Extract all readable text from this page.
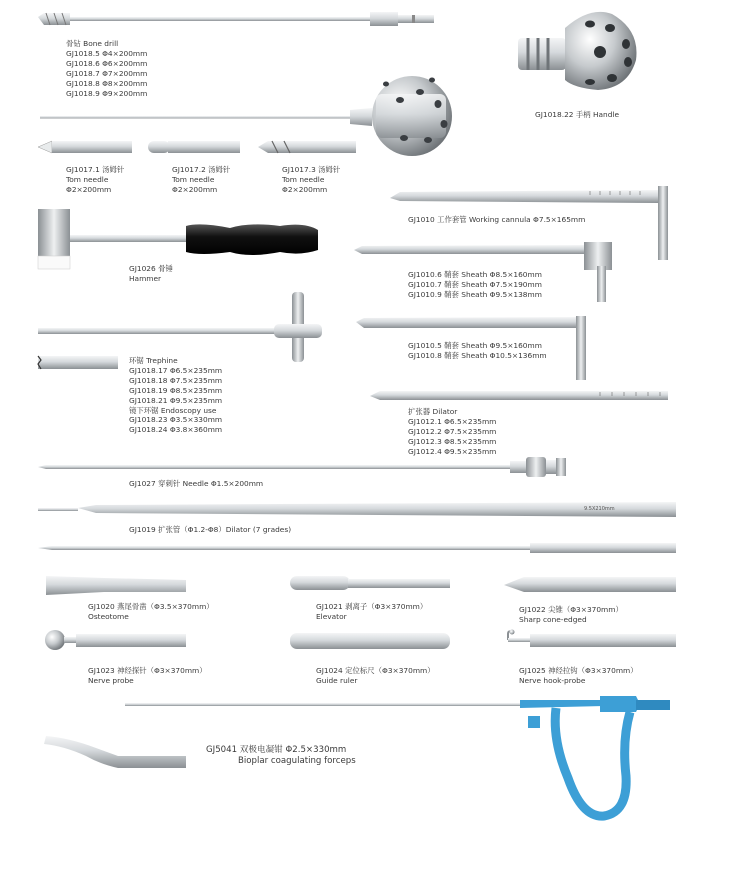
9.5X210mm
骨钻 Bone drill
GJ1018.5 Φ4×200mm
GJ1018.6 Φ6×200mm
GJ1018.7 Φ7×200mm
GJ1018.8 Φ8×200mm
GJ1018.9 Φ9×200mm
GJ1018.22 手柄 Handle
GJ1017.1 汤姆针
Tom needle
Φ2×200mm
GJ1017.2 汤姆针
Tom needle
Φ2×200mm
GJ1017.3 汤姆针
Tom needle
Φ2×200mm
GJ1010 工作套管 Working cannula Φ7.5×165mm
GJ1026 骨锤
Hammer	GJ1010.6 鞘套 Sheath Φ8.5×160mm
GJ1010.7 鞘套 Sheath Φ7.5×190mm
GJ1010.9 鞘套 Sheath Φ9.5×138mm
GJ1010.5 鞘套 Sheath Φ9.5×160mm
GJ1010.8 鞘套 Sheath Φ10.5×136mm
环锯 Trephine
GJ1018.17 Φ6.5×235mm
GJ1018.18 Φ7.5×235mm
GJ1018.19 Φ8.5×235mm
GJ1018.21 Φ9.5×235mm
镜下环锯 Endoscopy use
GJ1018.23 Φ3.5×330mm
GJ1018.24 Φ3.8×360mm
扩张器 Dilator
GJ1012.1 Φ6.5×235mm
GJ1012.2 Φ7.5×235mm
GJ1012.3 Φ8.5×235mm
GJ1012.4 Φ9.5×235mm
GJ1027 穿刺针 Needle Φ1.5×200mm
GJ1019 扩张管（Φ1.2-Φ8）Dilator (7 grades)
GJ1020 燕尾骨凿（Φ3.5×370mm）
Osteotome
GJ1021 剥离子（Φ3×370mm）
Elevator
GJ1022 尖锥（Φ3×370mm）
Sharp cone-edged
GJ1023 神经探针（Φ3×370mm）
Nerve probe
GJ1024 定位标尺（Φ3×370mm）
Guide ruler
GJ1025 神经拉钩（Φ3×370mm）
Nerve hook-probe
GJ5041 双极电凝钳 Φ2.5×330mm
Bioplar coagulating forceps
